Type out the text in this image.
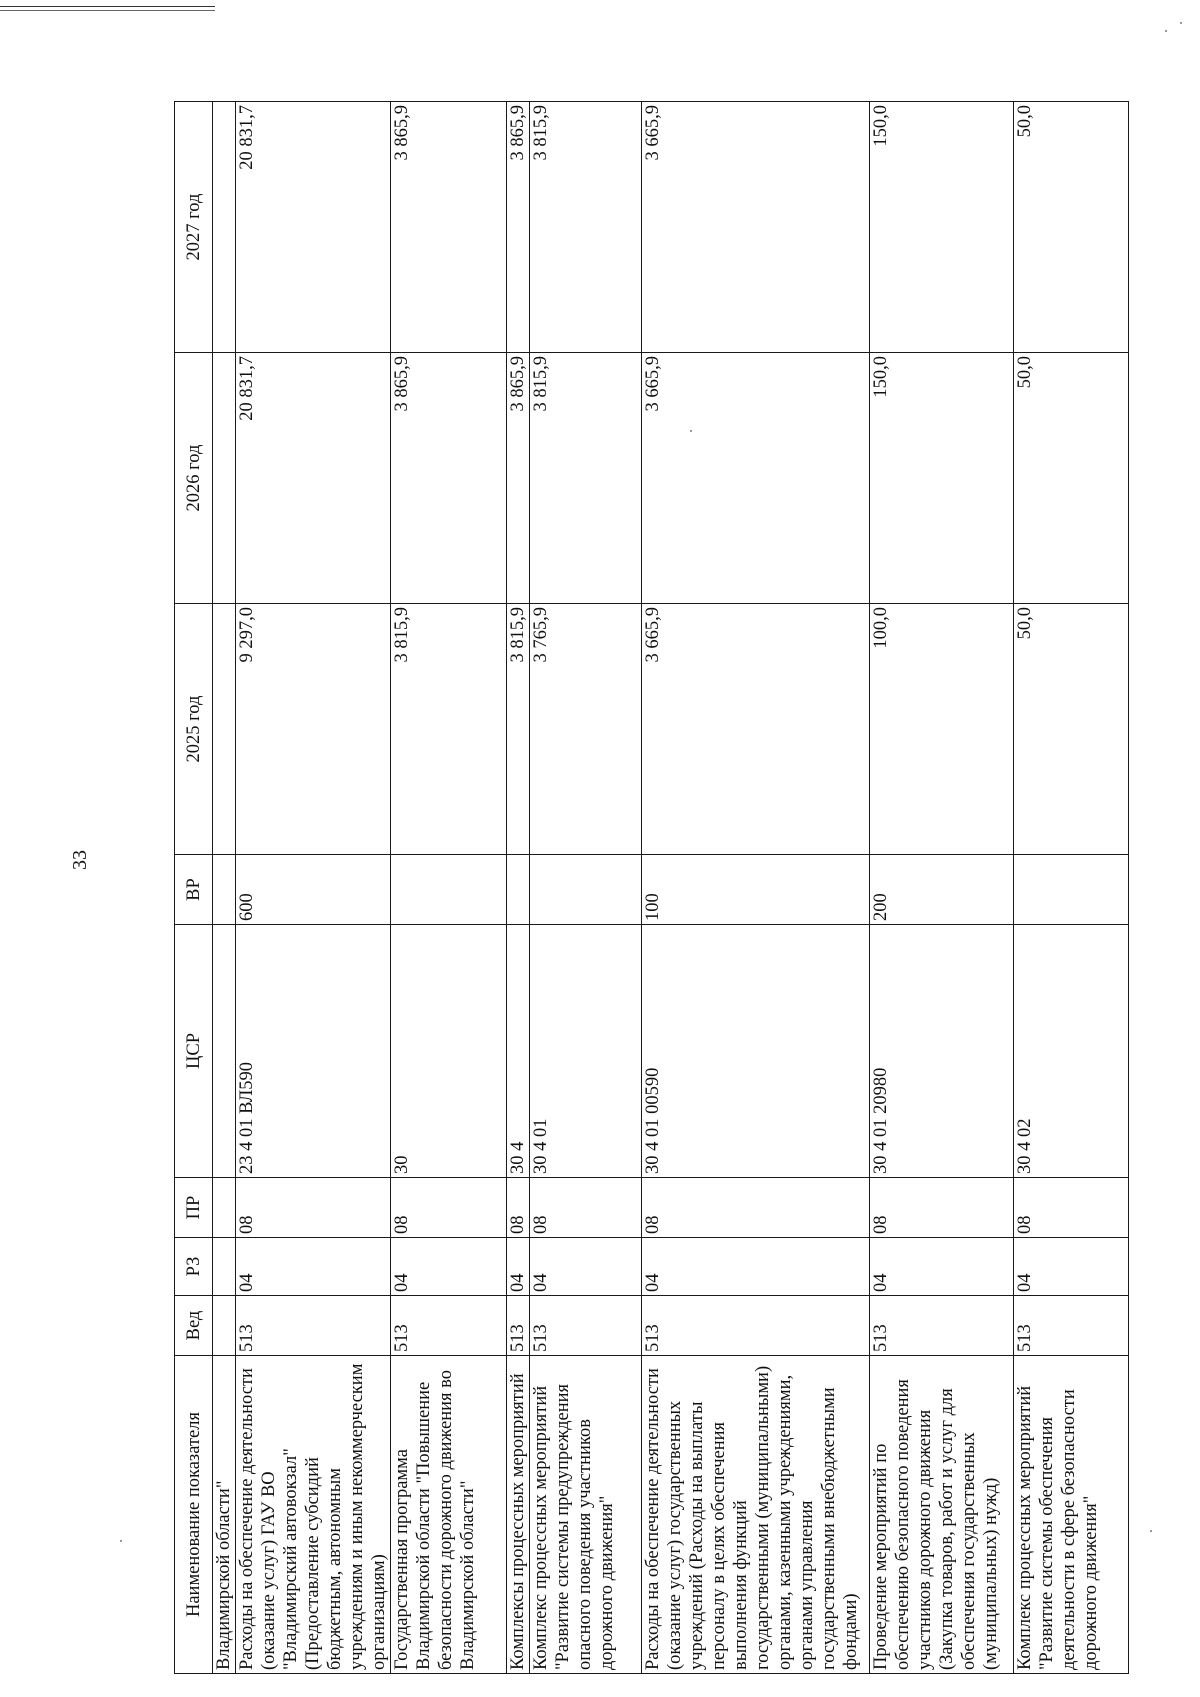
33
Наименование показателя	Вед	РЗ	ПР	ЦСР	ВР	2025 год	2026 год	2027 год
Владимирской области"								
Расходы на обеспечение деятельности (оказание услуг) ГАУ ВО "Владимирский автовокзал" (Предоставление субсидий бюджетным, автономным учреждениям и иным некоммерческим организациям)	513	04	08	23 4 01 ВЛ590	600	9 297,0	20 831,7	20 831,7
Государственная программа Владимирской области "Повышение безопасности дорожного движения во Владимирской области"	513	04	08	30		3 815,9	3 865,9	3 865,9
Комплексы процессных мероприятий	513	04	08	30 4		3 815,9	3 865,9	3 865,9
Комплекс процессных мероприятий "Развитие системы предупреждения опасного поведения участников дорожного движения"	513	04	08	30 4 01		3 765,9	3 815,9	3 815,9
Расходы на обеспечение деятельности (оказание услуг) государственных учреждений (Расходы на выплаты персоналу в целях обеспечения выполнения функций государственными (муниципальными) органами, казенными учреждениями, органами управления государственными внебюджетными фондами)	513	04	08	30 4 01 00590	100	3 665,9	3 665,9	3 665,9
Проведение мероприятий по обеспечению безопасного поведения участников дорожного движения (Закупка товаров, работ и услуг для обеспечения государственных (муниципальных) нужд)	513	04	08	30 4 01 20980	200	100,0	150,0	150,0
Комплекс процессных мероприятий "Развитие системы обеспечения деятельности в сфере безопасности дорожного движения"	513	04	08	30 4 02		50,0	50,0	50,0
